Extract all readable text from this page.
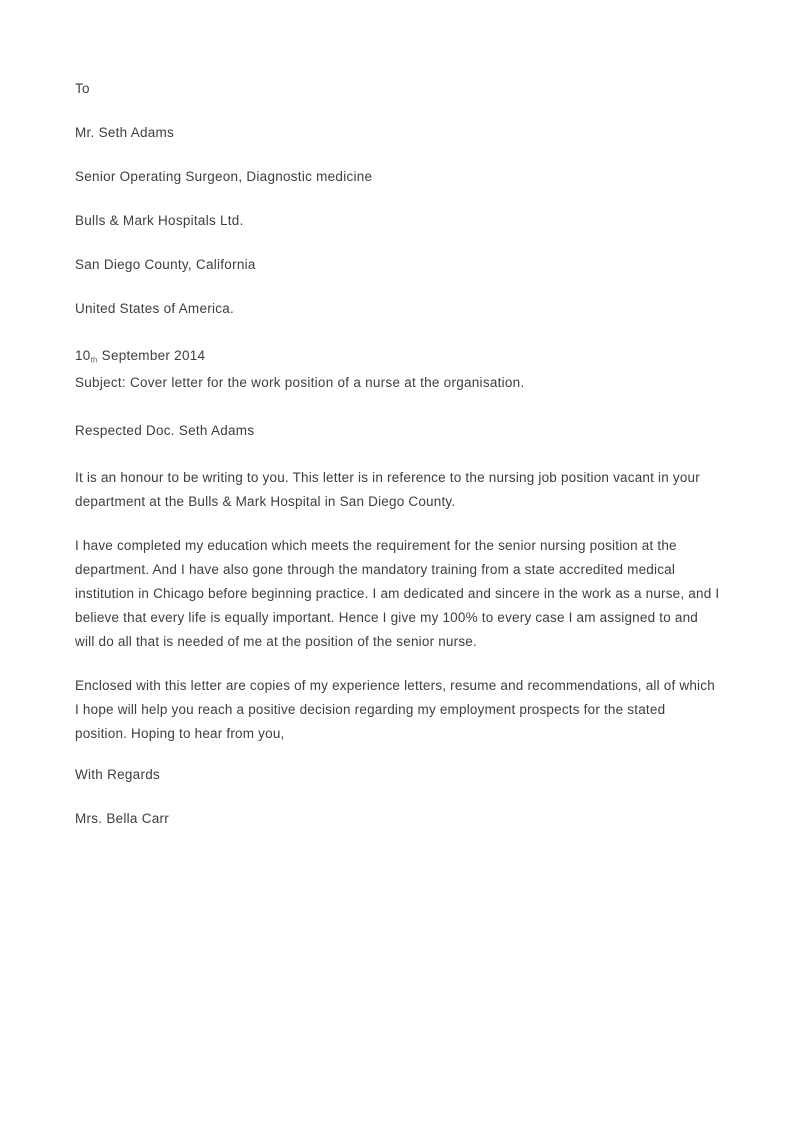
To

Mr. Seth Adams

Senior Operating Surgeon, Diagnostic medicine

Bulls & Mark Hospitals Ltd.

San Diego County, California

United States of America.

10th September 2014

Subject: Cover letter for the work position of a nurse at the organisation.

Respected Doc. Seth Adams

It is an honour to be writing to you. This letter is in reference to the nursing job position vacant in your department at the Bulls & Mark Hospital in San Diego County.

I have completed my education which meets the requirement for the senior nursing position at the department. And I have also gone through the mandatory training from a state accredited medical institution in Chicago before beginning practice. I am dedicated and sincere in the work as a nurse, and I believe that every life is equally important. Hence I give my 100% to every case I am assigned to and will do all that is needed of me at the position of the senior nurse.

Enclosed with this letter are copies of my experience letters, resume and recommendations, all of which I hope will help you reach a positive decision regarding my employment prospects for the stated position. Hoping to hear from you,

With Regards

Mrs. Bella Carr
